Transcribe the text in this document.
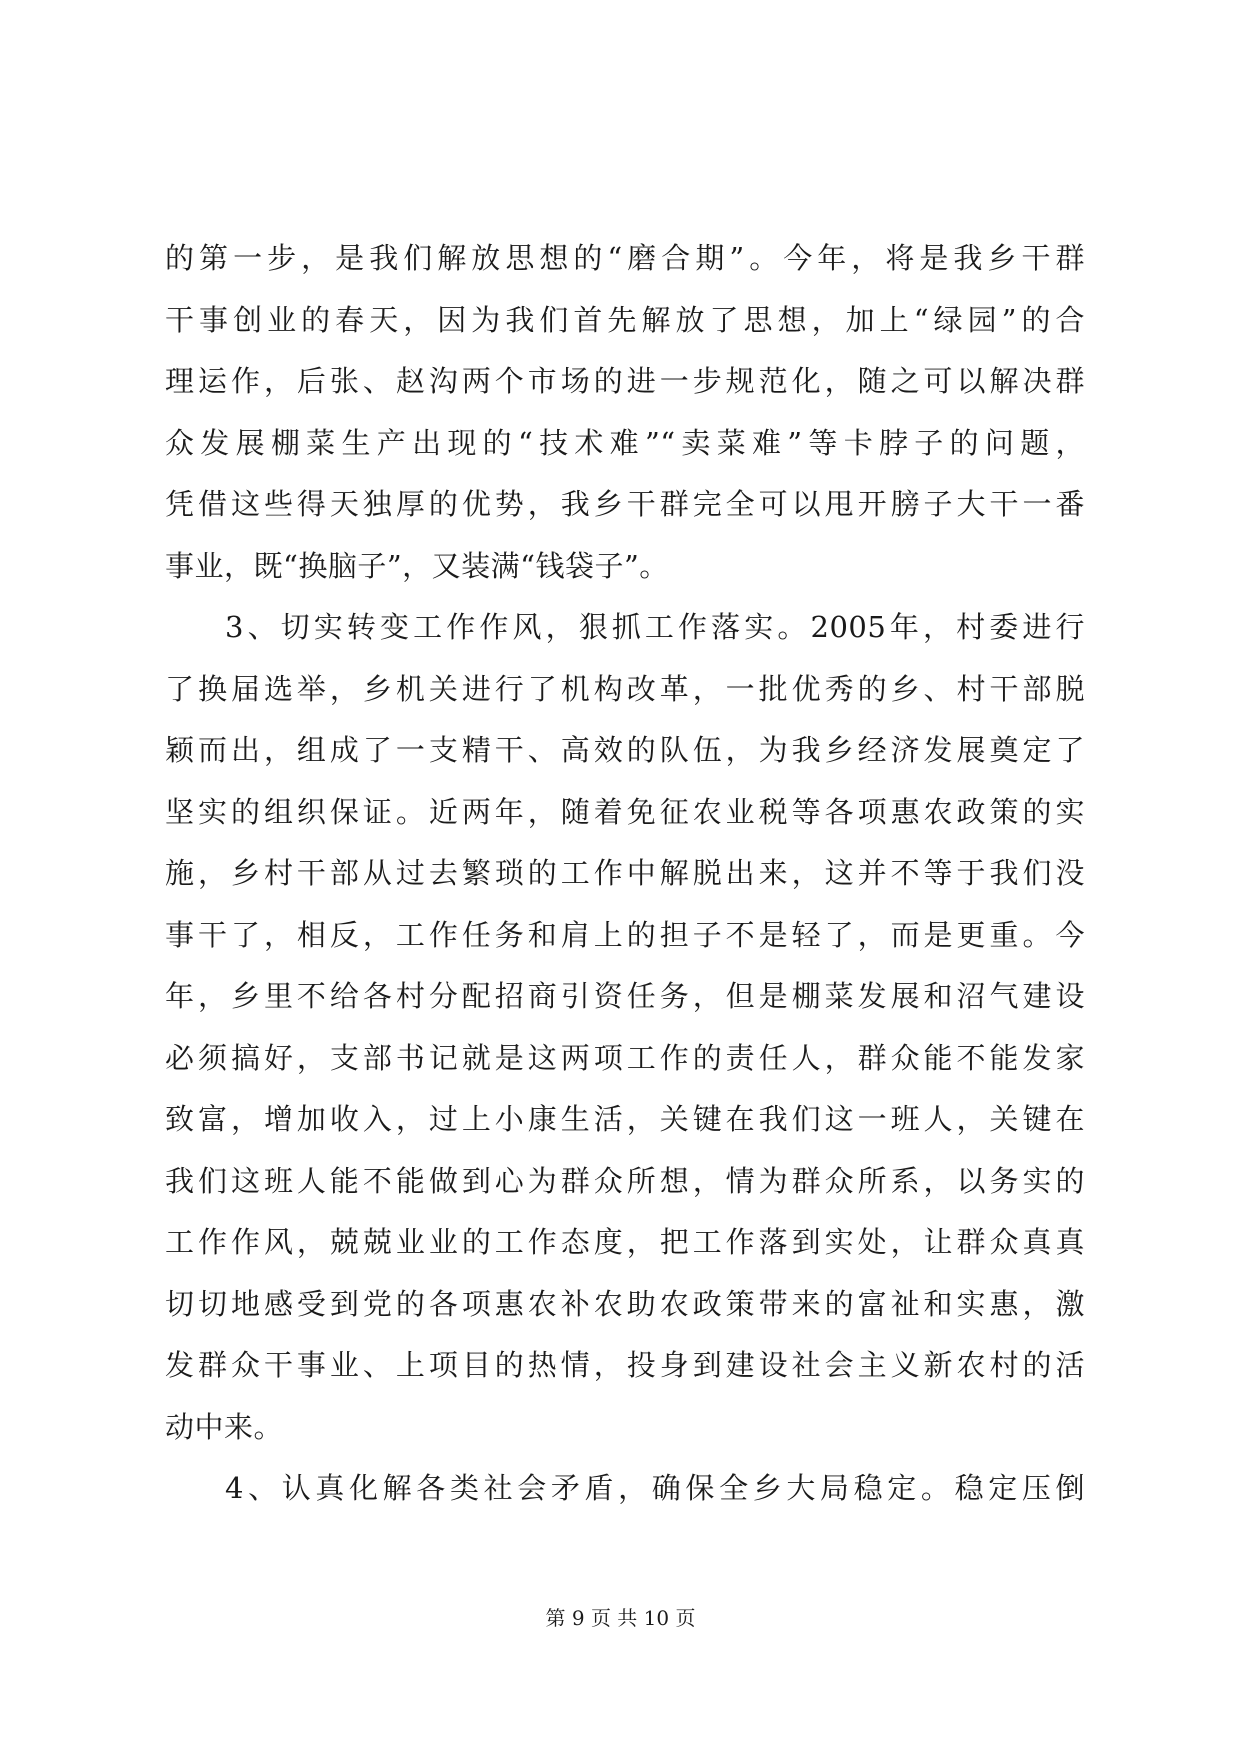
的第一步，是我们解放思想的“磨合期”。今年，将是我乡干群
干事创业的春天，因为我们首先解放了思想，加上“绿园”的合
理运作，后张、赵沟两个市场的进一步规范化，随之可以解决群
众发展棚菜生产出现的“技术难”“卖菜难”等卡脖子的问题，
凭借这些得天独厚的优势，我乡干群完全可以甩开膀子大干一番
事业，既“换脑子”，又装满“钱袋子”。
3、切实转变工作作风，狠抓工作落实。2005年，村委进行
了换届选举，乡机关进行了机构改革，一批优秀的乡、村干部脱
颖而出，组成了一支精干、高效的队伍，为我乡经济发展奠定了
坚实的组织保证。近两年，随着免征农业税等各项惠农政策的实
施，乡村干部从过去繁琐的工作中解脱出来，这并不等于我们没
事干了，相反，工作任务和肩上的担子不是轻了，而是更重。今
年，乡里不给各村分配招商引资任务，但是棚菜发展和沼气建设
必须搞好，支部书记就是这两项工作的责任人，群众能不能发家
致富，增加收入，过上小康生活，关键在我们这一班人，关键在
我们这班人能不能做到心为群众所想，情为群众所系，以务实的
工作作风，兢兢业业的工作态度，把工作落到实处，让群众真真
切切地感受到党的各项惠农补农助农政策带来的富祉和实惠，激
发群众干事业、上项目的热情，投身到建设社会主义新农村的活
动中来。
4、认真化解各类社会矛盾，确保全乡大局稳定。稳定压倒
第 9 页 共 10 页
